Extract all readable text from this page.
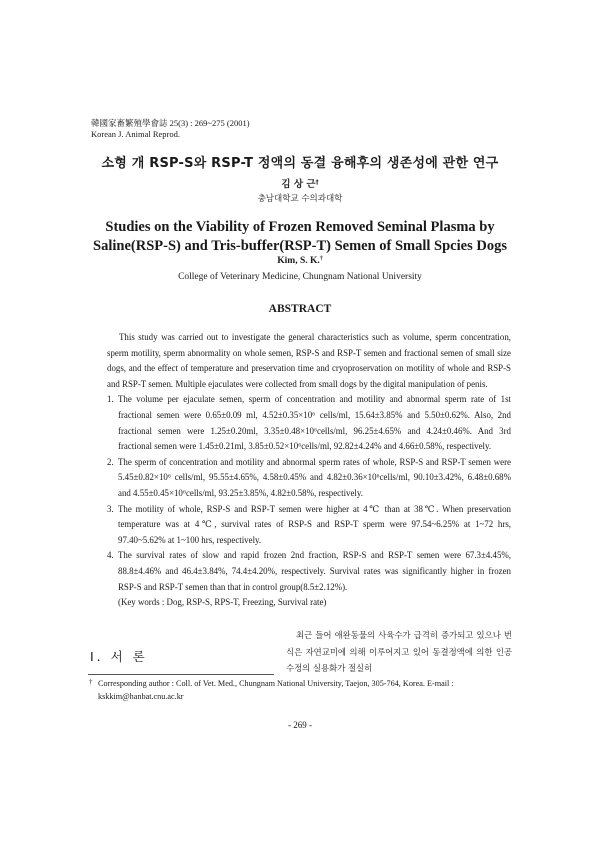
韓國家畜繁殖學會誌 25(3) : 269~275 (2001)
Korean J. Animal Reprod.
소형 개 RSP-S와 RSP-T 정액의 동결 융해후의 생존성에 관한 연구
김 상 근†
충남대학교 수의과대학
Studies on the Viability of Frozen Removed Seminal Plasma by
Saline(RSP-S) and Tris-buffer(RSP-T) Semen of Small Spcies Dogs
Kim, S. K.†
College of Veterinary Medicine, Chungnam National University
ABSTRACT

This study was carried out to investigate the general characteristics such as volume, sperm concentration, sperm motility, sperm abnormality on whole semen, RSP-S and RSP-T semen and fractional semen of small size dogs, and the effect of temperature and preservation time and cryoproservation on motility of whole and RSP-S and RSP-T semen. Multiple ejaculates were collected from small dogs by the digital manipulation of penis.

1. The volume per ejaculate semen, sperm of concentration and motility and abnormal sperm rate of 1st fractional semen were 0.65±0.09 ml, 4.52±0.35×10⁶ cells/ml, 15.64±3.85% and 5.50±0.62%. Also, 2nd fractional semen were 1.25±0.20ml, 3.35±0.48×10⁶cells/ml, 96.25±4.65% and 4.24±0.46%. And 3rd fractional semen were 1.45±0.21ml, 3.85±0.52×10⁶cells/ml, 92.82±4.24% and 4.66±0.58%, respectively.
2. The sperm of concentration and motility and abnormal sperm rates of whole, RSP-S and RSP-T semen were 5.45±0.82×10⁶ cells/ml, 95.55±4.65%, 4.58±0.45% and 4.82±0.36×10⁶cells/ml, 90.10±3.42%, 6.48±0.68% and 4.55±0.45×10⁶cells/ml, 93.25±3.85%, 4.82±0.58%, respectively.
3. The motility of whole, RSP-S and RSP-T semen were higher at 4℃ than at 38℃. When preservation temperature was at 4℃, survival rates of RSP-S and RSP-T sperm were 97.54~6.25% at 1~72 hrs, 97.40~5.62% at 1~100 hrs, respectively.
4. The survival rates of slow and rapid frozen 2nd fraction, RSP-S and RSP-T semen were 67.3±4.45%, 88.8±4.46% and 46.4±3.84%, 74.4±4.20%, respectively. Survival rates was significantly higher in frozen RSP-S and RSP-T semen than that in control group(8.5±2.12%).
(Key words : Dog, RSP-S, RPS-T, Freezing, Survival rate)
Ⅰ. 서 론
최근 들어 애완동물의 사육수가 급격히 증가되고 있으나 번식은 자연교미에 의해 이루어지고 있어 동결정액에 의한 인공수정의 실용화가 절실히
† Corresponding author : Coll. of Vet. Med., Chungnam National University, Taejon, 305-764, Korea. E-mail : kskkim@hanbat.cnu.ac.kr
- 269 -
